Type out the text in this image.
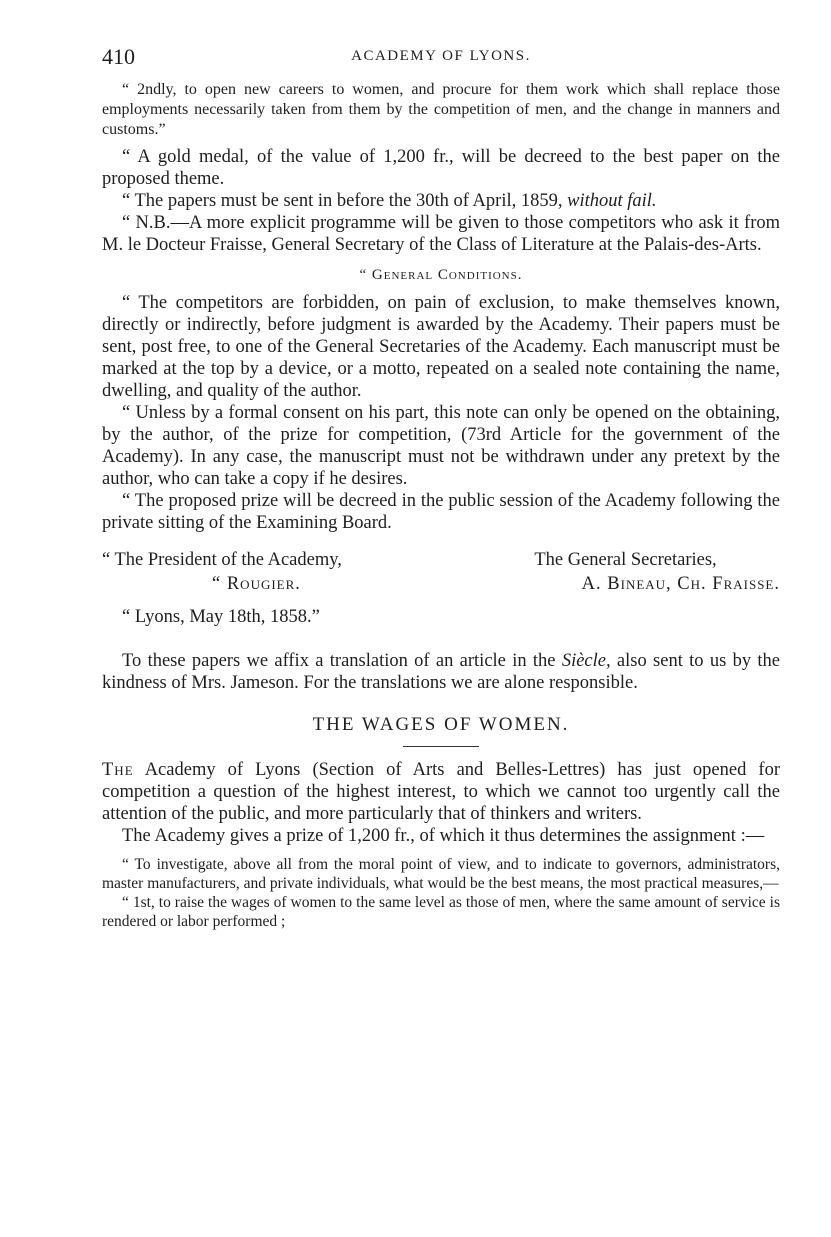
410	ACADEMY OF LYONS.

“ 2ndly, to open new careers to women, and procure for them work which shall replace those employments necessarily taken from them by the competition of men, and the change in manners and customs.”

“ A gold medal, of the value of 1,200 fr., will be decreed to the best paper on the proposed theme.

“ The papers must be sent in before the 30th of April, 1859, without fail.

“ N.B.—A more explicit programme will be given to those competitors who ask it from M. le Docteur Fraisse, General Secretary of the Class of Literature at the Palais-des-Arts.

“ General Conditions.

“ The competitors are forbidden, on pain of exclusion, to make themselves known, directly or indirectly, before judgment is awarded by the Academy. Their papers must be sent, post free, to one of the General Secretaries of the Academy. Each manuscript must be marked at the top by a device, or a motto, repeated on a sealed note containing the name, dwelling, and quality of the author.

“ Unless by a formal consent on his part, this note can only be opened on the obtaining, by the author, of the prize for competition, (73rd Article for the government of the Academy). In any case, the manuscript must not be withdrawn under any pretext by the author, who can take a copy if he desires.

“ The proposed prize will be decreed in the public session of the Academy following the private sitting of the Examining Board.

“ The President of the Academy,
“ Rougier.
The General Secretaries,
A. Bineau, Ch. Fraisse.

“ Lyons, May 18th, 1858.”

To these papers we affix a translation of an article in the Siècle, also sent to us by the kindness of Mrs. Jameson. For the translations we are alone responsible.

THE WAGES OF WOMEN.

The Academy of Lyons (Section of Arts and Belles-Lettres) has just opened for competition a question of the highest interest, to which we cannot too urgently call the attention of the public, and more particularly that of thinkers and writers.

The Academy gives a prize of 1,200 fr., of which it thus determines the assignment :—

“ To investigate, above all from the moral point of view, and to indicate to governors, administrators, master manufacturers, and private individuals, what would be the best means, the most practical measures,—

“ 1st, to raise the wages of women to the same level as those of men, where the same amount of service is rendered or labor performed ;
